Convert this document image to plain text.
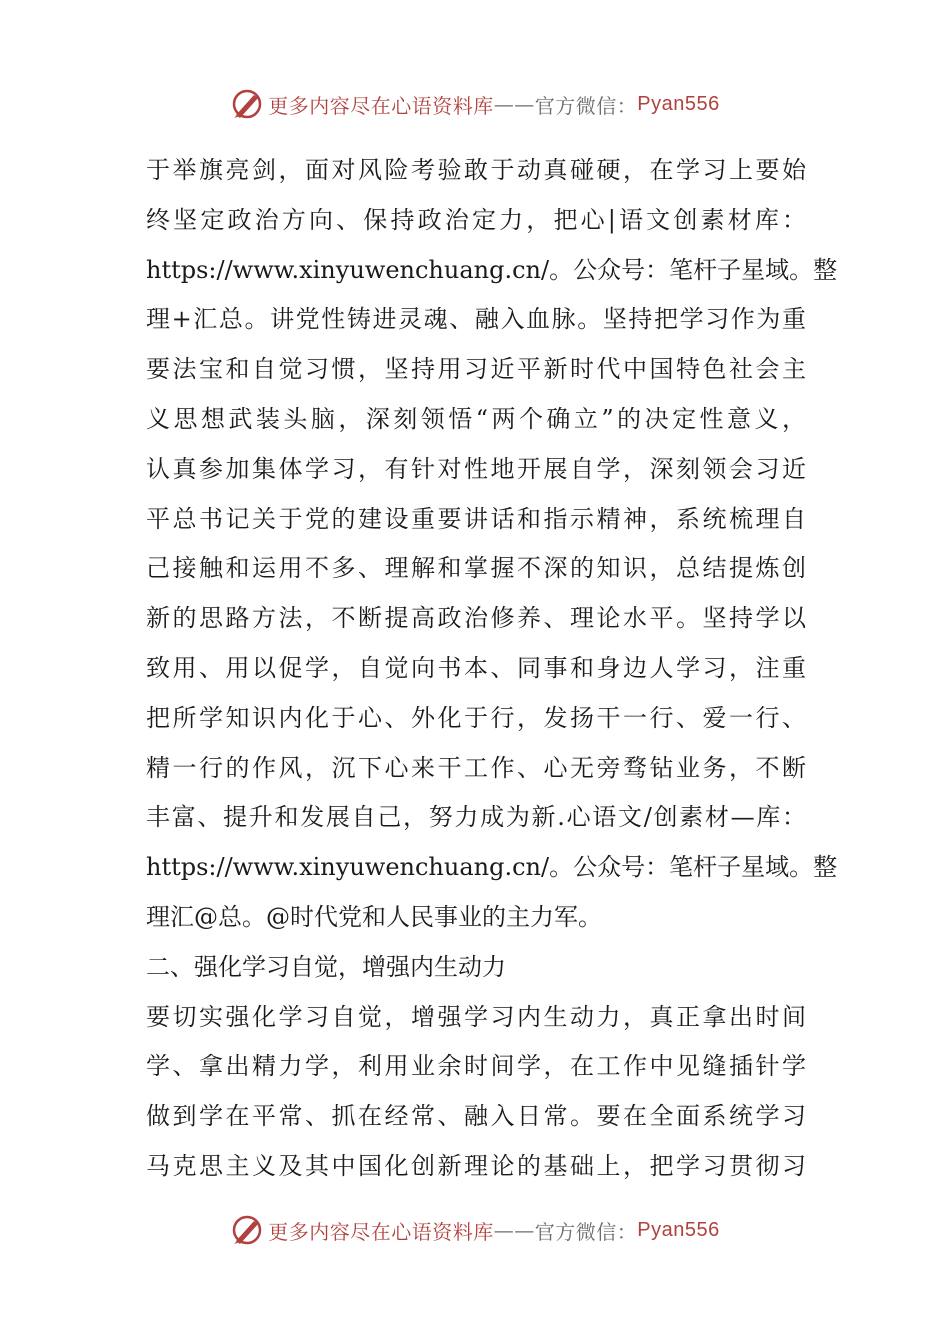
更多内容尽在心语资料库 —— 官方微信： Pyan556

于举旗亮剑，面对风险考验敢于动真碰硬，在学习上要始
终坚定政治方向、保持政治定力，把心|语文创素材库：
https://www.xinyuwenchuang.cn/。公众号：笔杆子星域。整
理+汇总。讲党性铸进灵魂、融入血脉。坚持把学习作为重
要法宝和自觉习惯，坚持用习近平新时代中国特色社会主
义思想武装头脑，深刻领悟“两个确立”的决定性意义，
认真参加集体学习，有针对性地开展自学，深刻领会习近
平总书记关于党的建设重要讲话和指示精神，系统梳理自
己接触和运用不多、理解和掌握不深的知识，总结提炼创
新的思路方法，不断提高政治修养、理论水平。坚持学以
致用、用以促学，自觉向书本、同事和身边人学习，注重
把所学知识内化于心、外化于行，发扬干一行、爱一行、
精一行的作风，沉下心来干工作、心无旁骛钻业务，不断
丰富、提升和发展自己，努力成为新.心语文/创素材—库：
https://www.xinyuwenchuang.cn/。公众号：笔杆子星域。整
理汇@总。@时代党和人民事业的主力军。

二、强化学习自觉，增强内生动力

要切实强化学习自觉，增强学习内生动力，真正拿出时间
学、拿出精力学，利用业余时间学，在工作中见缝插针学
做到学在平常、抓在经常、融入日常。要在全面系统学习
马克思主义及其中国化创新理论的基础上，把学习贯彻习

更多内容尽在心语资料库 —— 官方微信： Pyan556
